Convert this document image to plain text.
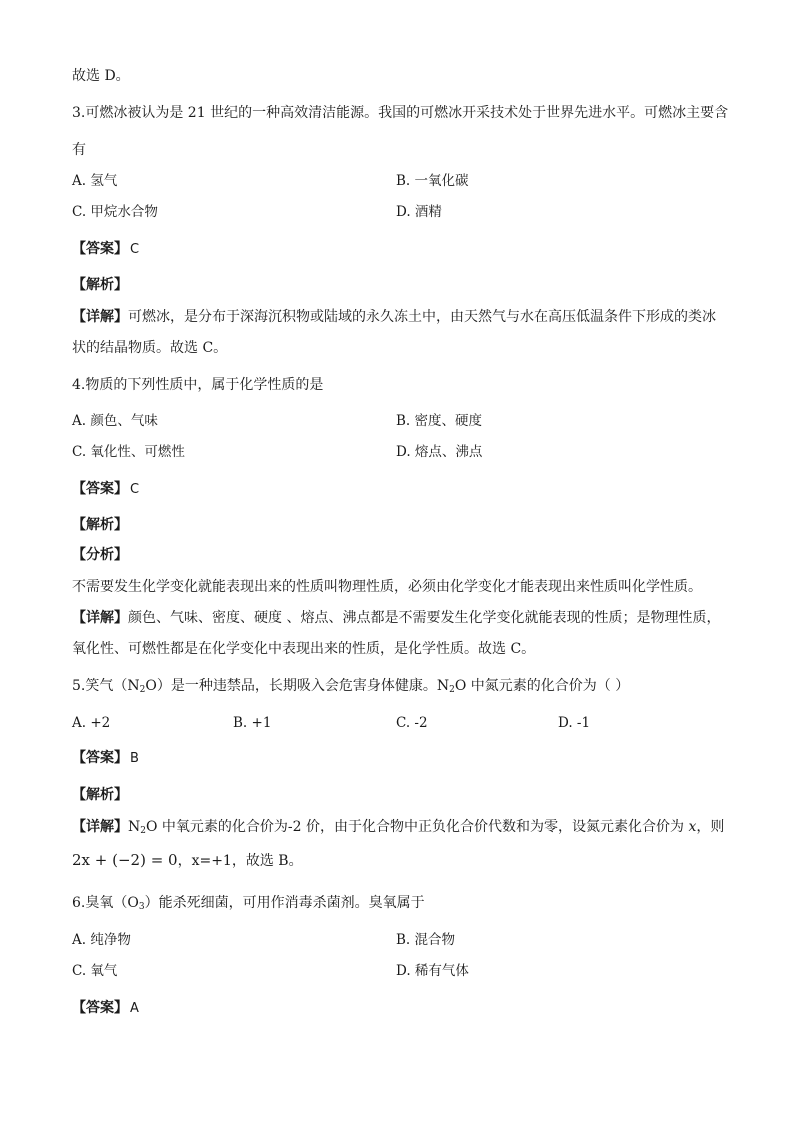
故选 D。
3.可燃冰被认为是 21 世纪的一种高效清洁能源。我国的可燃冰开采技术处于世界先进水平。可燃冰主要含
有
A. 氢气	B. 一氧化碳
C. 甲烷水合物	D. 酒精
【答案】 C
【解析】
【详解】可燃冰，是分布于深海沉积物或陆域的永久冻土中，由天然气与水在高压低温条件下形成的类冰
状的结晶物质。故选 C。
4.物质的下列性质中，属于化学性质的是
A. 颜色、气味	B. 密度、硬度
C. 氧化性、可燃性	D. 熔点、沸点
【答案】 C
【解析】
【分析】
不需要发生化学变化就能表现出来的性质叫物理性质，必须由化学变化才能表现出来性质叫化学性质。
【详解】颜色、气味、密度、硬度 、熔点、沸点都是不需要发生化学变化就能表现的性质；是物理性质，
氧化性、可燃性都是在化学变化中表现出来的性质，是化学性质。故选 C。
5.笑气$(N_2O)$是一种违禁品，长期吸入会危害身体健康。$N_2O$ 中氮元素的化合价为（ ）
A. +2	B. +1	C. -2	D. -1
【答案】 B
【解析】
【详解】$N_2O$ 中氧元素的化合价为-2 价，由于化合物中正负化合价代数和为零，设氮元素化合价为 x，则
2x + (−2) = 0，x=+1，故选 B。
6.臭氧$(O_3)$能杀死细菌，可用作消毒杀菌剂。臭氧属于
A. 纯净物	B. 混合物
C. 氧气	D. 稀有气体
【答案】 A
